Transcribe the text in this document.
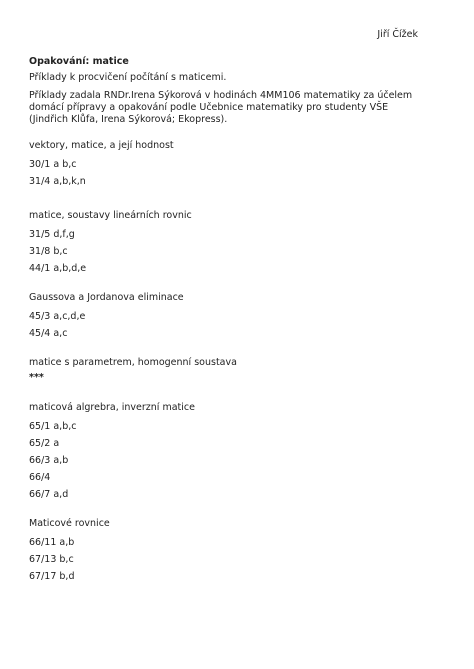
Jiří Čížek

Opakování: matice

Příklady k procvičení počítání s maticemi.

Příklady zadala RNDr.Irena Sýkorová v hodinách 4MM106 matematiky za účelem domácí přípravy a opakování podle Učebnice matematiky pro studenty VŠE (Jindřich Klůfa, Irena Sýkorová; Ekopress).

vektory, matice, a její hodnost

30/1 a b,c

31/4 a,b,k,n

matice, soustavy lineárních rovnic

31/5 d,f,g

31/8 b,c

44/1 a,b,d,e

Gaussova a Jordanova eliminace

45/3 a,c,d,e

45/4 a,c

matice s parametrem, homogenní soustava

***

maticová algrebra, inverzní matice

65/1 a,b,c

65/2 a

66/3 a,b

66/4

66/7 a,d

Maticové rovnice

66/11 a,b

67/13 b,c

67/17 b,d
